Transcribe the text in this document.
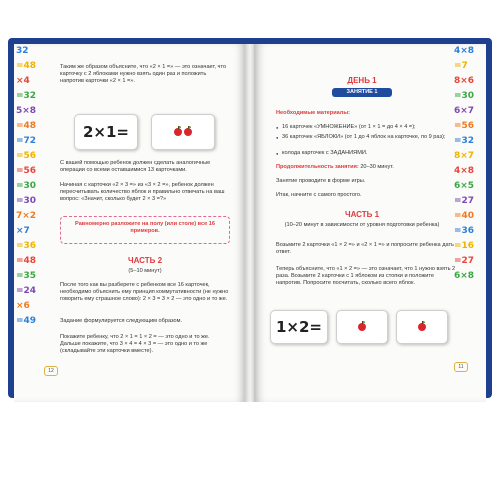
32
=48
×4
=32
5×8
=48
=72
=56
=56
=30
=30
7×2
×7
=36
=48
=35
=24
×6
=49
Таким же образом объясните, что «2 × 1 =» — это означает, что карточку с 2 яблоками нужно взять один раз и положить напротив карточки «2 × 1 =».
2×1=
С вашей помощью ребенок должен сделать аналогичные операции со всеми оставшимися 13 карточками.
Начиная с карточки «2 × 3 =» из «3 × 2 =», ребенок должен пересчитывать количество яблок и правильно отвечать на ваш вопрос: «Значит, сколько будет 2 × 3 =?»
Равномерно разложите на полу (или столе) все 16 примеров.
ЧАСТЬ 2
(5–10 минут)
После того как вы разберете с ребенком все 16 карточек, необходимо объяснить ему принцип коммутативности (не нужно говорить ему страшное слово): 2 × 3 = 3 × 2 — это одно и то же.
Задание формулируется следующим образом.
Покажите ребенку, что 2 × 1 = 1 × 2 = — это одно и то же. Дальше покажите, что 3 × 4 = 4 × 3 = — это одно и то же (складывайте эти карточки вместе).
12
4×8
=7
8×6
=30
6×7
=56
=32
8×7
4×8
6×5
=27
=40
=36
=16
=27
6×8
ДЕНЬ 1
ЗАНЯТИЕ 1
Необходимые материалы:
● 16 карточек «УМНОЖЕНИЕ» (от 1 × 1 = до 4 × 4 =);
● 36 карточек «ЯБЛОКИ» (от 1 до 4 яблок на карточке, по 9 раз);
● колода карточек с ЗАДАНИЯМИ.
Продолжительность занятия: 20–30 минут.
Занятие проводите в форме игры.
Итак, начните с самого простого.
ЧАСТЬ 1
(10–20 минут в зависимости от уровня подготовки ребенка)
Возьмите 2 карточки «1 × 2 =» и «2 × 1 =» и попросите ребенка дать ответ.
Теперь объясните, что «1 × 2 =» — это означает, что 1 нужно взять 2 раза. Возьмите 2 карточки с 1 яблоком из стопки и положите напротив. Попросите посчитать, сколько всего яблок.
1×2=
11
